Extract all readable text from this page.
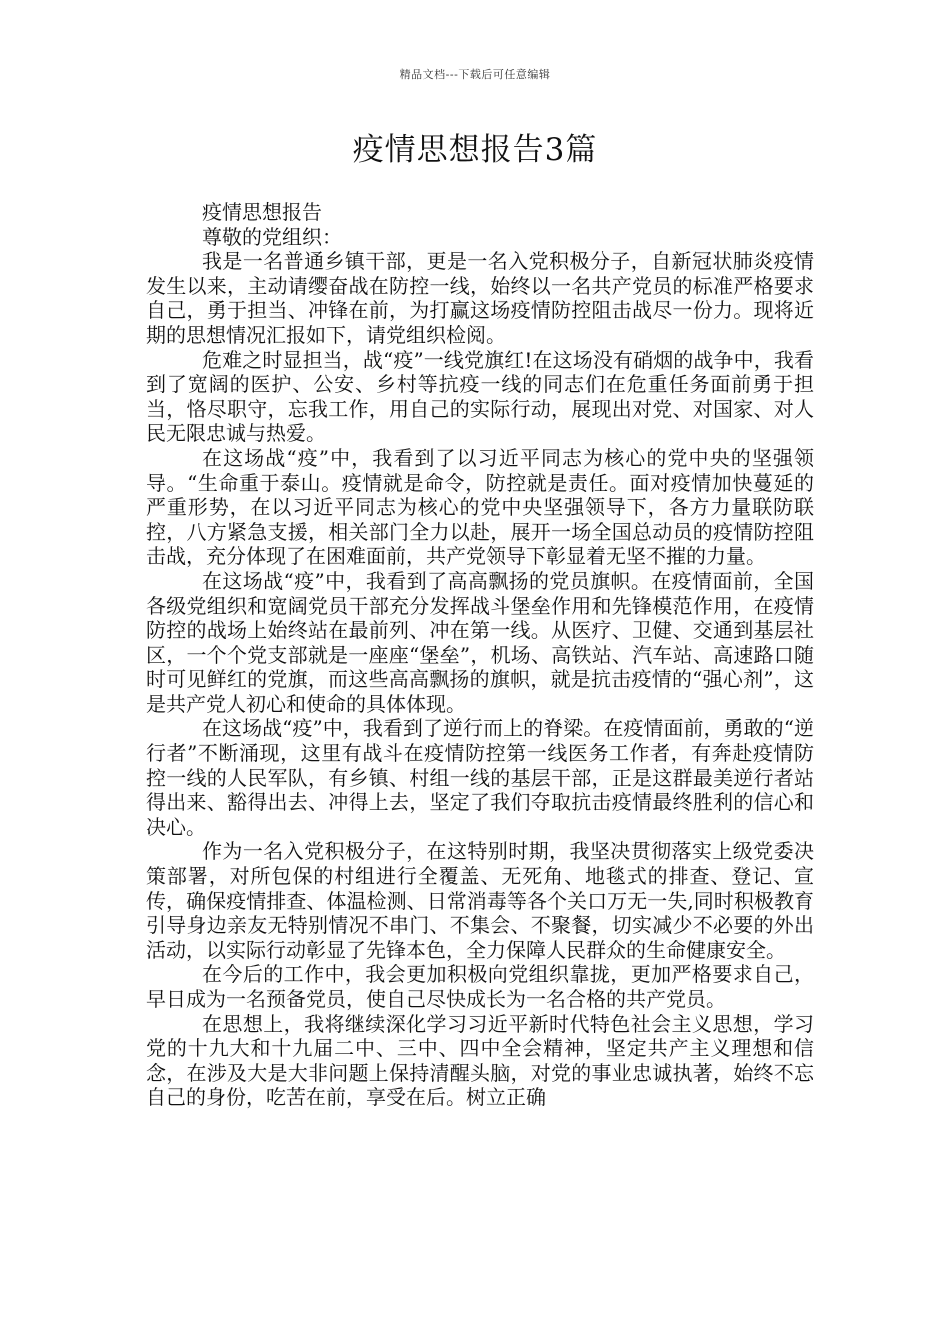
精品文档---下载后可任意编辑
疫情思想报告3篇

疫情思想报告

尊敬的党组织：

我是一名普通乡镇干部，更是一名入党积极分子，自新冠状肺炎疫情发生以来，主动请缨奋战在防控一线，始终以一名共产党员的标准严格要求自己，勇于担当、冲锋在前，为打赢这场疫情防控阻击战尽一份力。现将近期的思想情况汇报如下，请党组织检阅。

危难之时显担当，战“疫”一线党旗红!在这场没有硝烟的战争中，我看到了宽阔的医护、公安、乡村等抗疫一线的同志们在危重任务面前勇于担当，恪尽职守，忘我工作，用自己的实际行动，展现出对党、对国家、对人民无限忠诚与热爱。

在这场战“疫”中，我看到了以习近平同志为核心的党中央的坚强领导。“生命重于泰山。疫情就是命令，防控就是责任。面对疫情加快蔓延的严重形势，在以习近平同志为核心的党中央坚强领导下，各方力量联防联控，八方紧急支援，相关部门全力以赴，展开一场全国总动员的疫情防控阻击战，充分体现了在困难面前，共产党领导下彰显着无坚不摧的力量。

在这场战“疫”中，我看到了高高飘扬的党员旗帜。在疫情面前，全国各级党组织和宽阔党员干部充分发挥战斗堡垒作用和先锋模范作用，在疫情防控的战场上始终站在最前列、冲在第一线。从医疗、卫健、交通到基层社区，一个个党支部就是一座座“堡垒”，机场、高铁站、汽车站、高速路口随时可见鲜红的党旗，而这些高高飘扬的旗帜，就是抗击疫情的“强心剂”，这是共产党人初心和使命的具体体现。

在这场战“疫”中，我看到了逆行而上的脊梁。在疫情面前，勇敢的“逆行者”不断涌现，这里有战斗在疫情防控第一线医务工作者，有奔赴疫情防控一线的人民军队，有乡镇、村组一线的基层干部，正是这群最美逆行者站得出来、豁得出去、冲得上去，坚定了我们夺取抗击疫情最终胜利的信心和决心。

作为一名入党积极分子，在这特别时期，我坚决贯彻落实上级党委决策部署，对所包保的村组进行全覆盖、无死角、地毯式的排查、登记、宣传，确保疫情排查、体温检测、日常消毒等各个关口万无一失,同时积极教育引导身边亲友无特别情况不串门、不集会、不聚餐，切实减少不必要的外出活动，以实际行动彰显了先锋本色，全力保障人民群众的生命健康安全。

在今后的工作中，我会更加积极向党组织靠拢，更加严格要求自己，早日成为一名预备党员，使自己尽快成长为一名合格的共产党员。

在思想上，我将继续深化学习习近平新时代特色社会主义思想，学习党的十九大和十九届二中、三中、四中全会精神，坚定共产主义理想和信念，在涉及大是大非问题上保持清醒头脑，对党的事业忠诚执著，始终不忘自己的身份，吃苦在前，享受在后。树立正确
